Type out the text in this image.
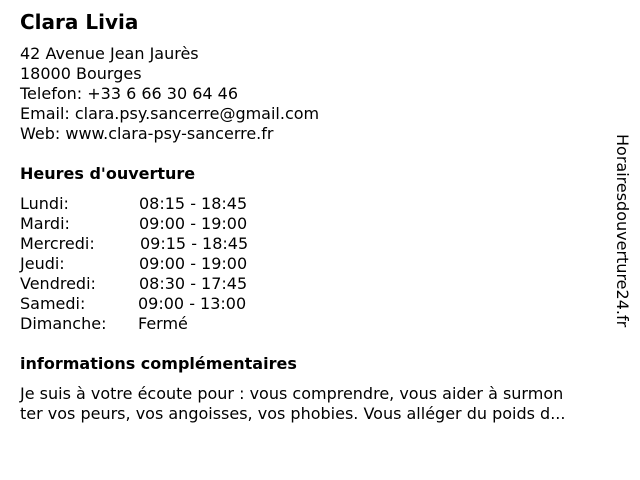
Clara Livia
42 Avenue Jean Jaurès
18000 Bourges
Telefon: +33 6 66 30 64 46
Email: clara.psy.sancerre@gmail.com
Web: www.clara-psy-sancerre.fr
Heures d'ouverture
Lundi:	08:15 - 18:45
Mardi:	09:00 - 19:00
Mercredi:	09:15 - 18:45
Jeudi:	09:00 - 19:00
Vendredi:	08:30 - 17:45
Samedi:	09:00 - 13:00
Dimanche: Fermé
informations complémentaires
Je suis à votre écoute pour : vous comprendre, vous aider à surmon
ter vos peurs, vos angoisses, vos phobies. Vous alléger du poids d...
Horairesdouverture24.fr
